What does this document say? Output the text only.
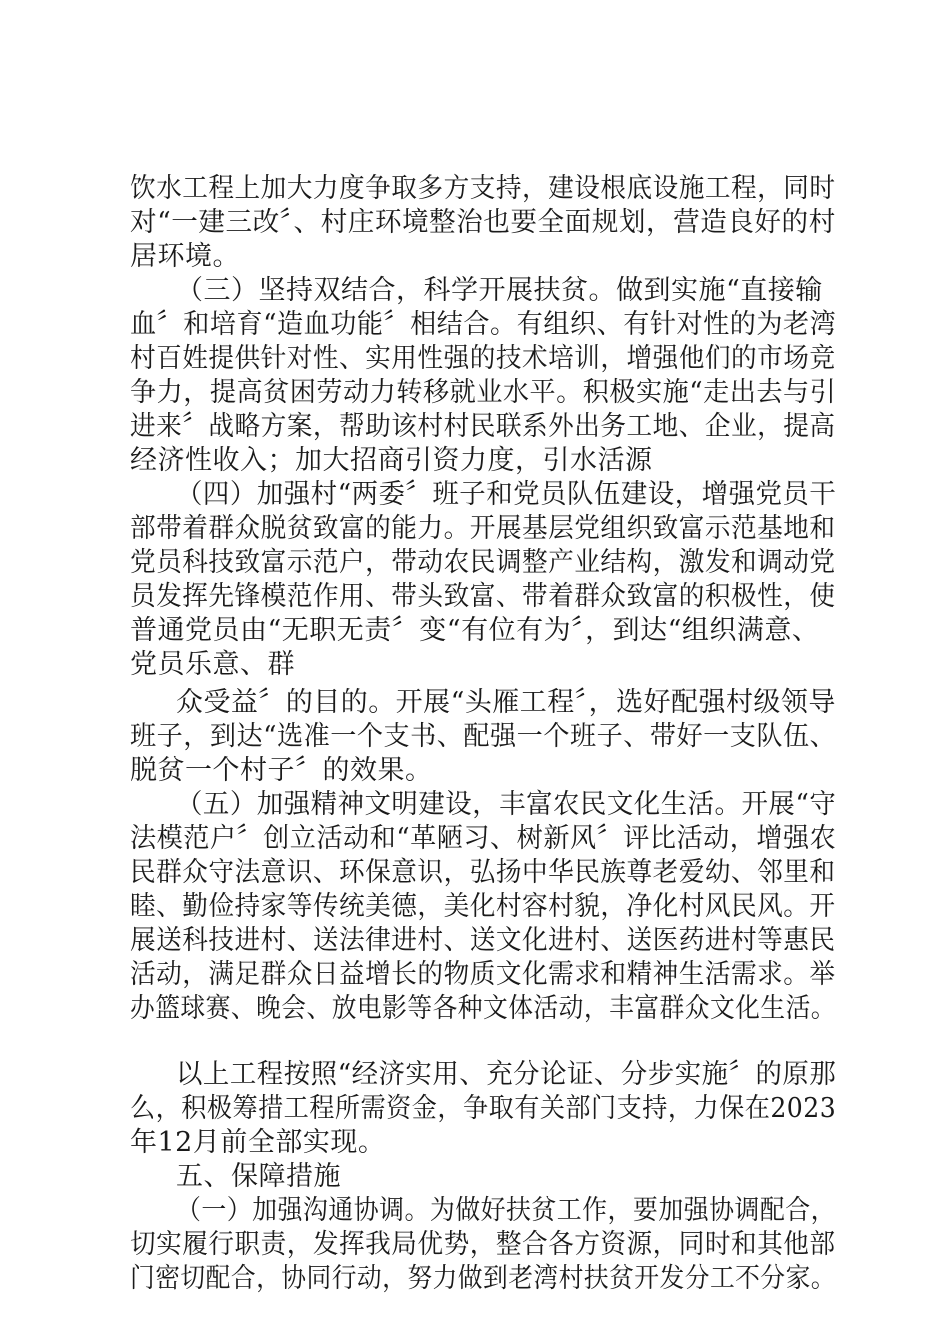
饮水工程上加大力度争取多方支持，建设根底设施工程，同时
对“一建三改〞、村庄环境整治也要全面规划，营造良好的村
居环境。
（三）坚持双结合，科学开展扶贫。做到实施“直接输
血〞和培育“造血功能〞相结合。有组织、有针对性的为老湾
村百姓提供针对性、实用性强的技术培训，增强他们的市场竞
争力，提高贫困劳动力转移就业水平。积极实施“走出去与引
进来〞战略方案，帮助该村村民联系外出务工地、企业，提高
经济性收入；加大招商引资力度，引水活源
（四）加强村“两委〞班子和党员队伍建设，增强党员干
部带着群众脱贫致富的能力。开展基层党组织致富示范基地和
党员科技致富示范户，带动农民调整产业结构，激发和调动党
员发挥先锋模范作用、带头致富、带着群众致富的积极性，使
普通党员由“无职无责〞变“有位有为〞，到达“组织满意、
党员乐意、群
众受益〞的目的。开展“头雁工程〞，选好配强村级领导
班子，到达“选准一个支书、配强一个班子、带好一支队伍、
脱贫一个村子〞的效果。
（五）加强精神文明建设，丰富农民文化生活。开展“守
法模范户〞创立活动和“革陋习、树新风〞评比活动，增强农
民群众守法意识、环保意识，弘扬中华民族尊老爱幼、邻里和
睦、勤俭持家等传统美德，美化村容村貌，净化村风民风。开
展送科技进村、送法律进村、送文化进村、送医药进村等惠民
活动，满足群众日益增长的物质文化需求和精神生活需求。举
办篮球赛、晚会、放电影等各种文体活动，丰富群众文化生活。
以上工程按照“经济实用、充分论证、分步实施〞的原那
么，积极筹措工程所需资金，争取有关部门支持，力保在2023
年12月前全部实现。
五、保障措施
（一）加强沟通协调。为做好扶贫工作，要加强协调配合，
切实履行职责，发挥我局优势，整合各方资源，同时和其他部
门密切配合，协同行动，努力做到老湾村扶贫开发分工不分家。
